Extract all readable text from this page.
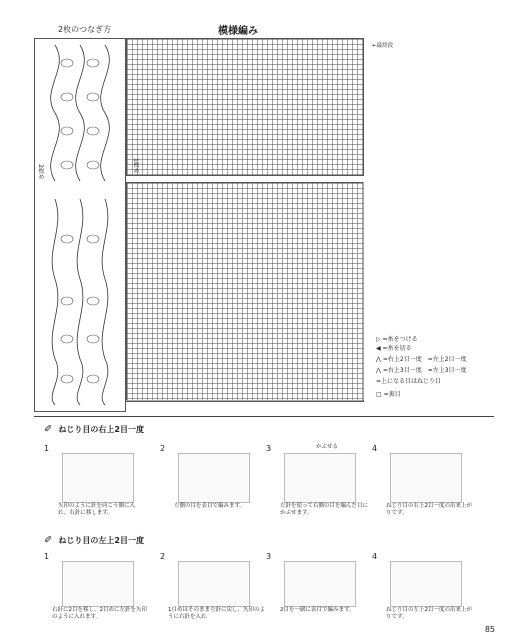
2枚のつなぎ方	模様編み
2枚め	1枚め
←最終段
▷ =糸をつける
◀ =糸を切る
⋀ =右上2目一度　=左上2目一度
⋀ =右上3目一度　=左上3目一度
=上になる目はねじり目
□ =裏目
✐ ねじり目の右上2目一度
1
矢印のように針を向こう側に入れ、右針に移します。
2
左側の目を表目で編みます。
3	かぶせる
左針を使って右側の目を編んだ目にかぶせます。
4
ねじり目の右上2目一度の出来上がりです。
✐ ねじり目の左上2目一度
1
右針に2目を移し、2目めに左針を矢印のように入れます。
2
1目めはそのまま左針に戻し、矢印のように右針を入れ
3
2目を一緒に表目で編みます。
4
ねじり目の左上2目一度の出来上がりです。
85
